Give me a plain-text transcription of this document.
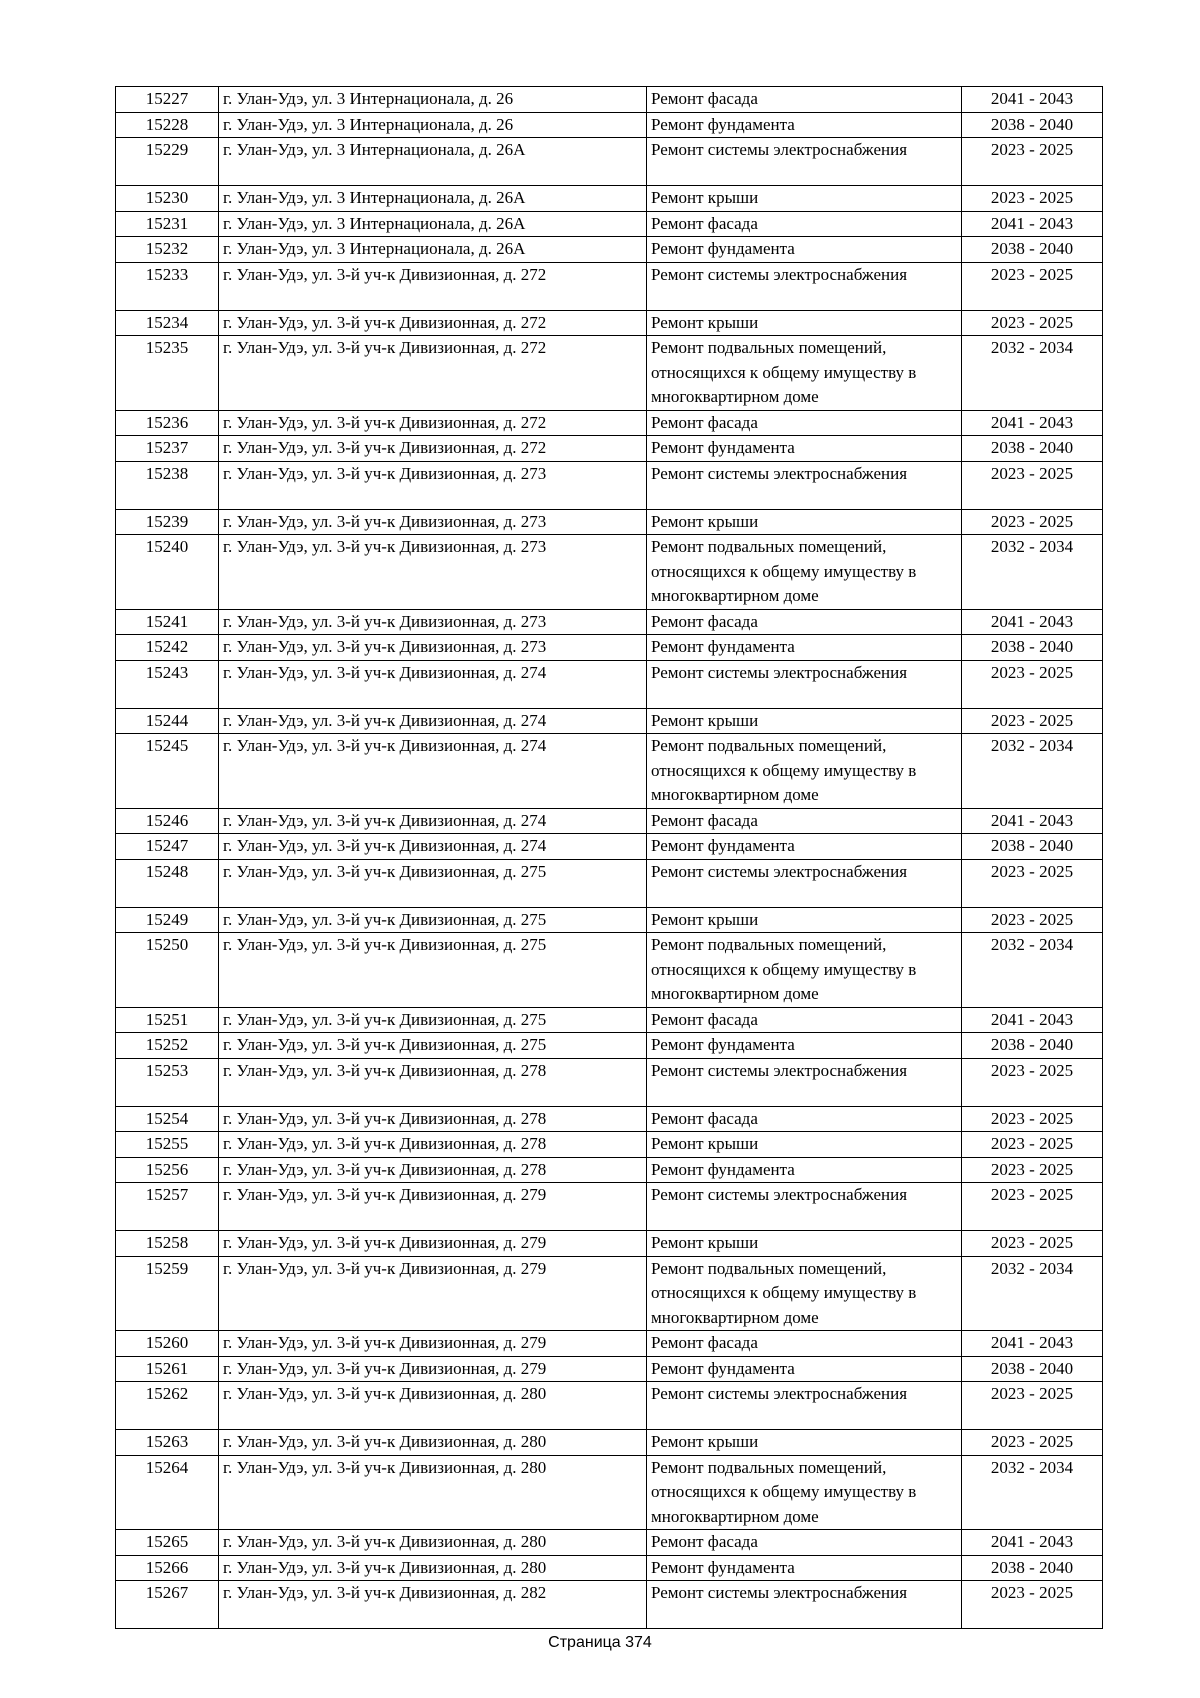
15227	г. Улан-Удэ, ул. 3 Интернационала, д. 26	Ремонт фасада	2041 - 2043
15228	г. Улан-Удэ, ул. 3 Интернационала, д. 26	Ремонт фундамента	2038 - 2040
15229	г. Улан-Удэ, ул. 3 Интернационала, д. 26А	Ремонт системы электроснабжения	2023 - 2025
15230	г. Улан-Удэ, ул. 3 Интернационала, д. 26А	Ремонт крыши	2023 - 2025
15231	г. Улан-Удэ, ул. 3 Интернационала, д. 26А	Ремонт фасада	2041 - 2043
15232	г. Улан-Удэ, ул. 3 Интернационала, д. 26А	Ремонт фундамента	2038 - 2040
15233	г. Улан-Удэ, ул. 3-й уч-к Дивизионная, д. 272	Ремонт системы электроснабжения	2023 - 2025
15234	г. Улан-Удэ, ул. 3-й уч-к Дивизионная, д. 272	Ремонт крыши	2023 - 2025
15235	г. Улан-Удэ, ул. 3-й уч-к Дивизионная, д. 272	Ремонт подвальных помещений, относящихся к общему имуществу в многоквартирном доме	2032 - 2034
15236	г. Улан-Удэ, ул. 3-й уч-к Дивизионная, д. 272	Ремонт фасада	2041 - 2043
15237	г. Улан-Удэ, ул. 3-й уч-к Дивизионная, д. 272	Ремонт фундамента	2038 - 2040
15238	г. Улан-Удэ, ул. 3-й уч-к Дивизионная, д. 273	Ремонт системы электроснабжения	2023 - 2025
15239	г. Улан-Удэ, ул. 3-й уч-к Дивизионная, д. 273	Ремонт крыши	2023 - 2025
15240	г. Улан-Удэ, ул. 3-й уч-к Дивизионная, д. 273	Ремонт подвальных помещений, относящихся к общему имуществу в многоквартирном доме	2032 - 2034
15241	г. Улан-Удэ, ул. 3-й уч-к Дивизионная, д. 273	Ремонт фасада	2041 - 2043
15242	г. Улан-Удэ, ул. 3-й уч-к Дивизионная, д. 273	Ремонт фундамента	2038 - 2040
15243	г. Улан-Удэ, ул. 3-й уч-к Дивизионная, д. 274	Ремонт системы электроснабжения	2023 - 2025
15244	г. Улан-Удэ, ул. 3-й уч-к Дивизионная, д. 274	Ремонт крыши	2023 - 2025
15245	г. Улан-Удэ, ул. 3-й уч-к Дивизионная, д. 274	Ремонт подвальных помещений, относящихся к общему имуществу в многоквартирном доме	2032 - 2034
15246	г. Улан-Удэ, ул. 3-й уч-к Дивизионная, д. 274	Ремонт фасада	2041 - 2043
15247	г. Улан-Удэ, ул. 3-й уч-к Дивизионная, д. 274	Ремонт фундамента	2038 - 2040
15248	г. Улан-Удэ, ул. 3-й уч-к Дивизионная, д. 275	Ремонт системы электроснабжения	2023 - 2025
15249	г. Улан-Удэ, ул. 3-й уч-к Дивизионная, д. 275	Ремонт крыши	2023 - 2025
15250	г. Улан-Удэ, ул. 3-й уч-к Дивизионная, д. 275	Ремонт подвальных помещений, относящихся к общему имуществу в многоквартирном доме	2032 - 2034
15251	г. Улан-Удэ, ул. 3-й уч-к Дивизионная, д. 275	Ремонт фасада	2041 - 2043
15252	г. Улан-Удэ, ул. 3-й уч-к Дивизионная, д. 275	Ремонт фундамента	2038 - 2040
15253	г. Улан-Удэ, ул. 3-й уч-к Дивизионная, д. 278	Ремонт системы электроснабжения	2023 - 2025
15254	г. Улан-Удэ, ул. 3-й уч-к Дивизионная, д. 278	Ремонт фасада	2023 - 2025
15255	г. Улан-Удэ, ул. 3-й уч-к Дивизионная, д. 278	Ремонт крыши	2023 - 2025
15256	г. Улан-Удэ, ул. 3-й уч-к Дивизионная, д. 278	Ремонт фундамента	2023 - 2025
15257	г. Улан-Удэ, ул. 3-й уч-к Дивизионная, д. 279	Ремонт системы электроснабжения	2023 - 2025
15258	г. Улан-Удэ, ул. 3-й уч-к Дивизионная, д. 279	Ремонт крыши	2023 - 2025
15259	г. Улан-Удэ, ул. 3-й уч-к Дивизионная, д. 279	Ремонт подвальных помещений, относящихся к общему имуществу в многоквартирном доме	2032 - 2034
15260	г. Улан-Удэ, ул. 3-й уч-к Дивизионная, д. 279	Ремонт фасада	2041 - 2043
15261	г. Улан-Удэ, ул. 3-й уч-к Дивизионная, д. 279	Ремонт фундамента	2038 - 2040
15262	г. Улан-Удэ, ул. 3-й уч-к Дивизионная, д. 280	Ремонт системы электроснабжения	2023 - 2025
15263	г. Улан-Удэ, ул. 3-й уч-к Дивизионная, д. 280	Ремонт крыши	2023 - 2025
15264	г. Улан-Удэ, ул. 3-й уч-к Дивизионная, д. 280	Ремонт подвальных помещений, относящихся к общему имуществу в многоквартирном доме	2032 - 2034
15265	г. Улан-Удэ, ул. 3-й уч-к Дивизионная, д. 280	Ремонт фасада	2041 - 2043
15266	г. Улан-Удэ, ул. 3-й уч-к Дивизионная, д. 280	Ремонт фундамента	2038 - 2040
15267	г. Улан-Удэ, ул. 3-й уч-к Дивизионная, д. 282	Ремонт системы электроснабжения	2023 - 2025
Страница 374
